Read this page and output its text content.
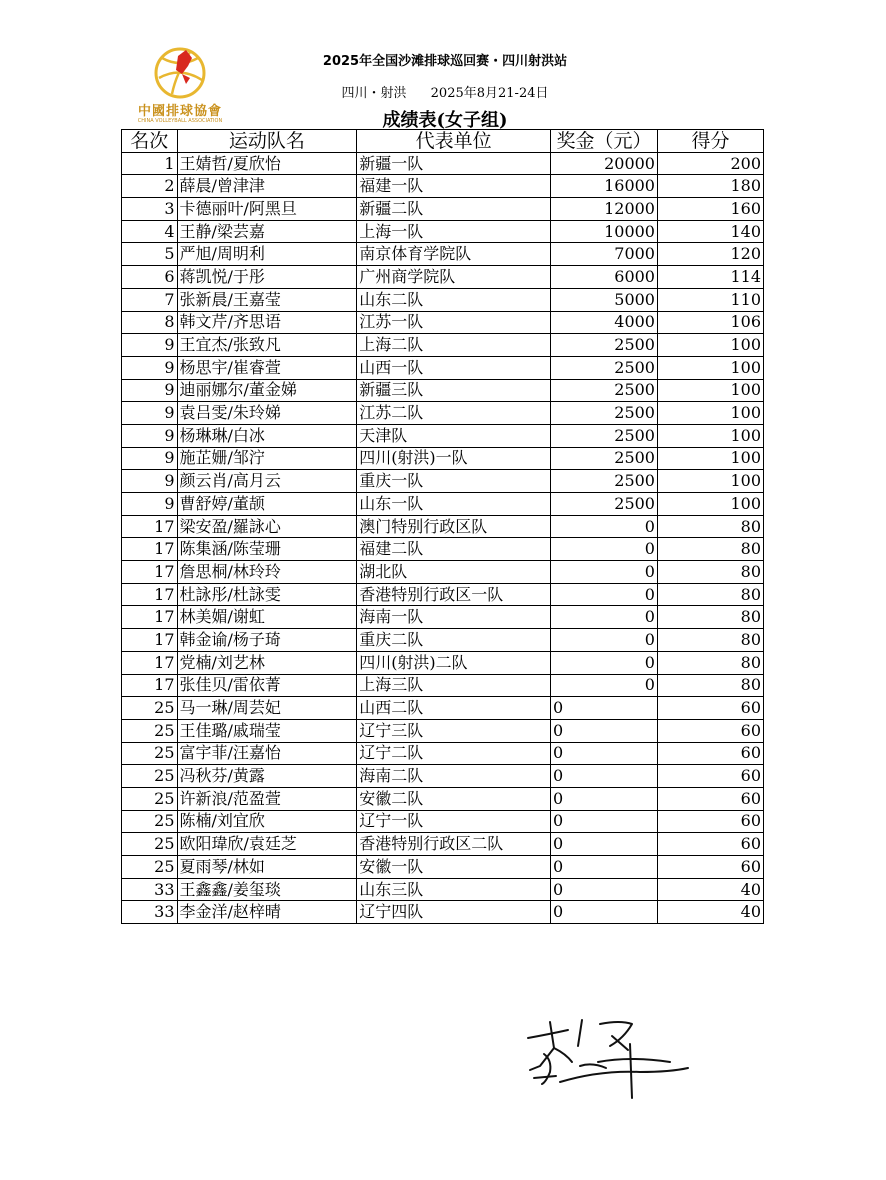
中國排球協會
CHINA VOLLEYBALL ASSOCIATION
2025年全国沙滩排球巡回赛・四川射洪站
四川・射洪 2025年8月21-24日
成绩表(女子组)
名次	运动队名	代表单位	奖金（元）	得分
1	王婧哲/夏欣怡	新疆一队	20000	200
2	薛晨/曾津津	福建一队	16000	180
3	卡德丽叶/阿黑旦	新疆二队	12000	160
4	王静/梁芸嘉	上海一队	10000	140
5	严旭/周明利	南京体育学院队	7000	120
6	蒋凯悦/于彤	广州商学院队	6000	114
7	张新晨/王嘉莹	山东二队	5000	110
8	韩文芹/齐思语	江苏一队	4000	106
9	王宜杰/张致凡	上海二队	2500	100
9	杨思宇/崔睿萱	山西一队	2500	100
9	迪丽娜尔/董金娣	新疆三队	2500	100
9	袁吕雯/朱玲娣	江苏二队	2500	100
9	杨琳琳/白冰	天津队	2500	100
9	施芷姗/邹泞	四川(射洪)一队	2500	100
9	颜云肖/高月云	重庆一队	2500	100
9	曹舒婷/董颉	山东一队	2500	100
17	梁安盈/羅詠心	澳门特别行政区队	0	80
17	陈集涵/陈莹珊	福建二队	0	80
17	詹思桐/林玲玲	湖北队	0	80
17	杜詠彤/杜詠雯	香港特别行政区一队	0	80
17	林美媚/谢虹	海南一队	0	80
17	韩金谕/杨子琦	重庆二队	0	80
17	党楠/刘艺林	四川(射洪)二队	0	80
17	张佳贝/雷依菁	上海三队	0	80
25	马一琳/周芸妃	山西二队	0	60
25	王佳璐/戚瑞莹	辽宁三队	0	60
25	富宇菲/汪嘉怡	辽宁二队	0	60
25	冯秋芬/黄露	海南二队	0	60
25	许新浪/范盈萱	安徽二队	0	60
25	陈楠/刘宜欣	辽宁一队	0	60
25	欧阳瑋欣/袁廷芝	香港特别行政区二队	0	60
25	夏雨琴/林如	安徽一队	0	60
33	王鑫鑫/姜玺琰	山东三队	0	40
33	李金洋/赵梓晴	辽宁四队	0	40
